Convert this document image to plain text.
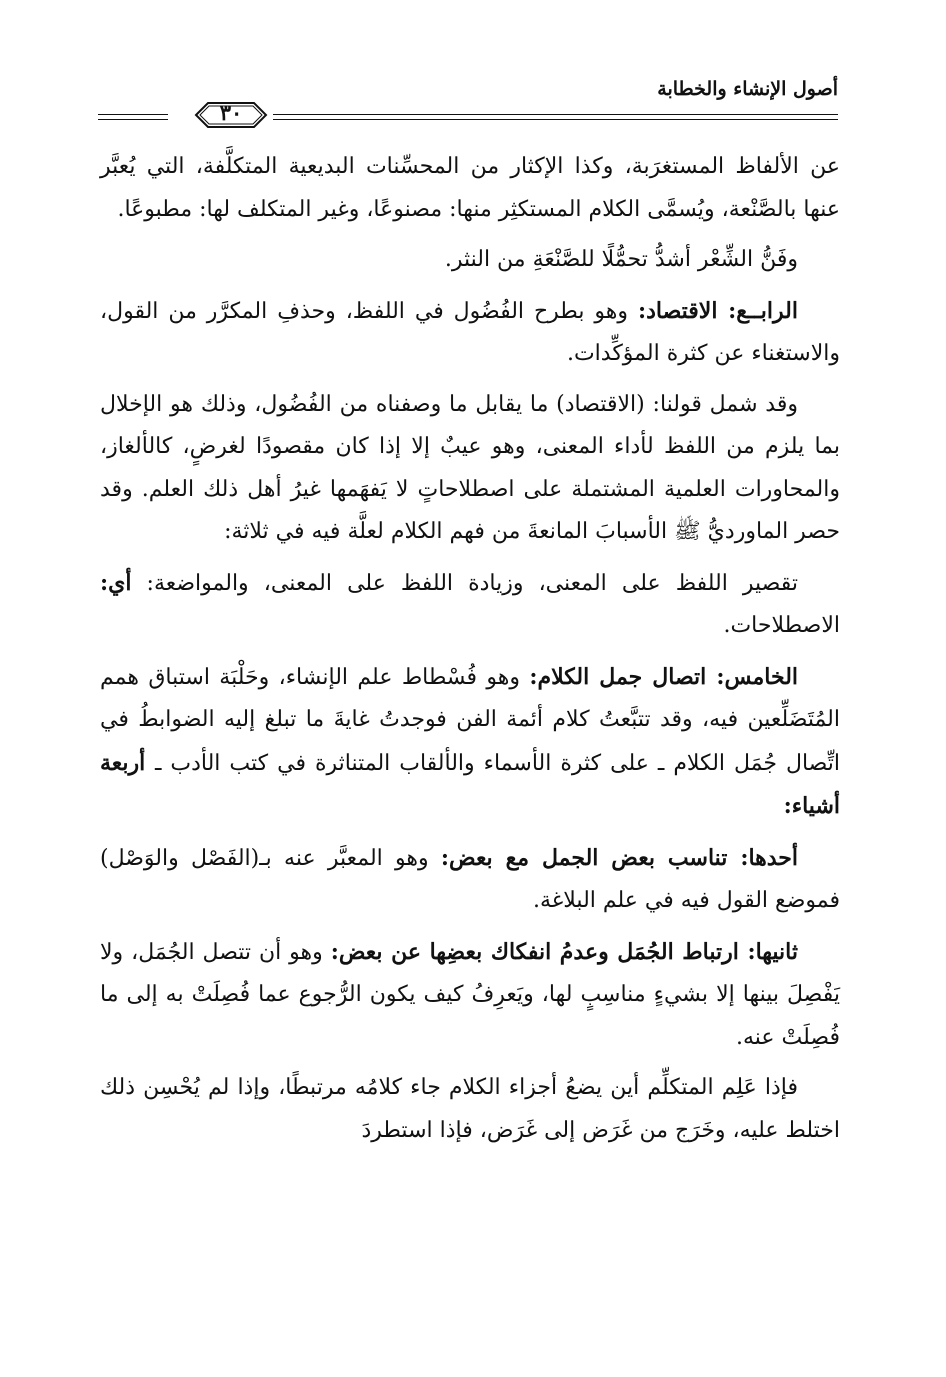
أصول الإنشاء والخطابة
٣٠

عن الألفاظ المستغرَبة، وكذا الإكثار من المحسِّنات البديعية المتكلَّفة، التي يُعبَّر عنها بالصَّنْعة، ويُسمَّى الكلام المستكثِر منها: مصنوعًا، وغير المتكلف لها: مطبوعًا.

وفَنُّ الشِّعْر أشدُّ تحمُّلًا للصَّنْعَةِ من النثر.

الرابــع: الاقتصاد: وهو بطرح الفُضُول في اللفظ، وحذفِ المكرَّر من القول، والاستغناء عن كثرة المؤكِّدات.

وقد شمل قولنا: (الاقتصاد) ما يقابل ما وصفناه من الفُضُول، وذلك هو الإخلال بما يلزم من اللفظ لأداء المعنى، وهو عيبٌ إلا إذا كان مقصودًا لغرضٍ، كالألغاز، والمحاورات العلمية المشتملة على اصطلاحاتٍ لا يَفهَمها غيرُ أهل ذلك العلم. وقد حصر الماورديُّ ﷺ الأسبابَ المانعةَ من فهم الكلام لعلَّة فيه في ثلاثة:

تقصير اللفظ على المعنى، وزيادة اللفظ على المعنى، والمواضعة: أي: الاصطلاحات.

الخامس: اتصال جمل الكلام: وهو فُسْطاط علم الإنشاء، وحَلْبَة استباق همم المُتَضَلِّعين فيه، وقد تتبَّعتُ كلام أئمة الفن فوجدتُ غايةَ ما تبلغ إليه الضوابطُ في اتِّصال جُمَل الكلام ـ على كثرة الأسماء والألقاب المتناثرة في كتب الأدب ـ أربعة أشياء:

أحدها: تناسب بعض الجمل مع بعض: وهو المعبَّر عنه بـ(الفَصْل والوَصْل) فموضع القول فيه في علم البلاغة.

ثانيها: ارتباط الجُمَل وعدمُ انفكاك بعضِها عن بعض: وهو أن تتصل الجُمَل، ولا يَفْصِلَ بينها إلا بشيءٍ مناسِبٍ لها، ويَعرِفُ كيف يكون الرُّجوع عما فُصِلَتْ به إلى ما فُصِلَتْ عنه.

فإذا عَلِم المتكلِّم أين يضعُ أجزاء الكلام جاء كلامُه مرتبطًا، وإذا لم يُحْسِن ذلك اختلط عليه، وخَرَج من غَرَض إلى غَرَض، فإذا استطردَ
